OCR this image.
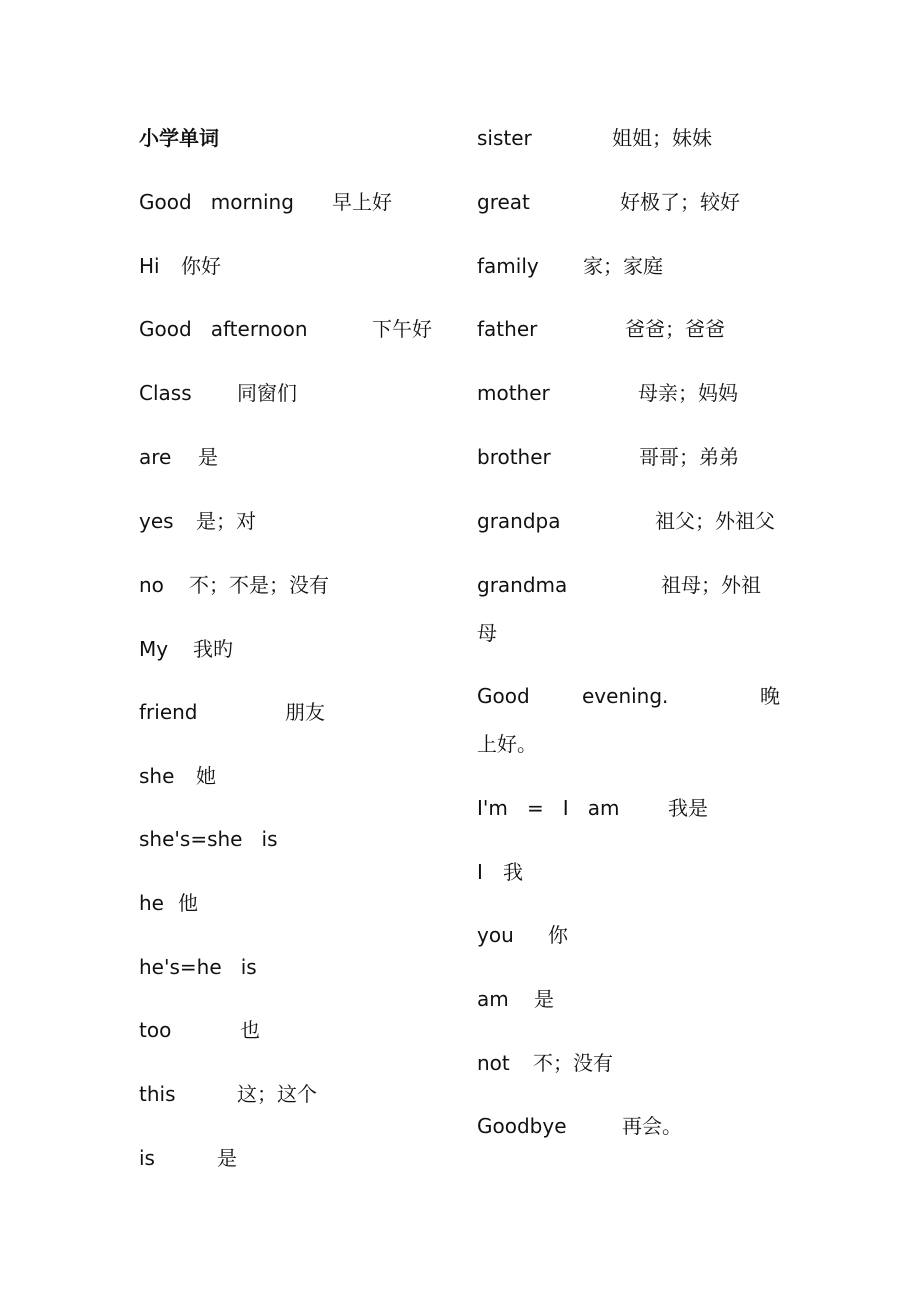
小学单词
Good   morning 早上好
Hi 你好
Good   afternoon	下午好
Class 同窗们
are 是
yes 是；对
no 不；不是；没有
My 我旳
friend	朋友
she 她
she's=she   is
he 他
he's=he   is
too	也
this	这；这个
is	是
sister	姐姐；妹妹
great	好极了；较好
family 家；家庭
father	爸爸；爸爸
mother	母亲；妈妈
brother	哥哥；弟弟
grandpa	祖父；外祖父
grandma	祖母；外祖
母
Good	evening.	晚
上好。
I'm   =   I   am 我是
I 我
you 你
am 是
not 不；没有
Goodbye	再会。
